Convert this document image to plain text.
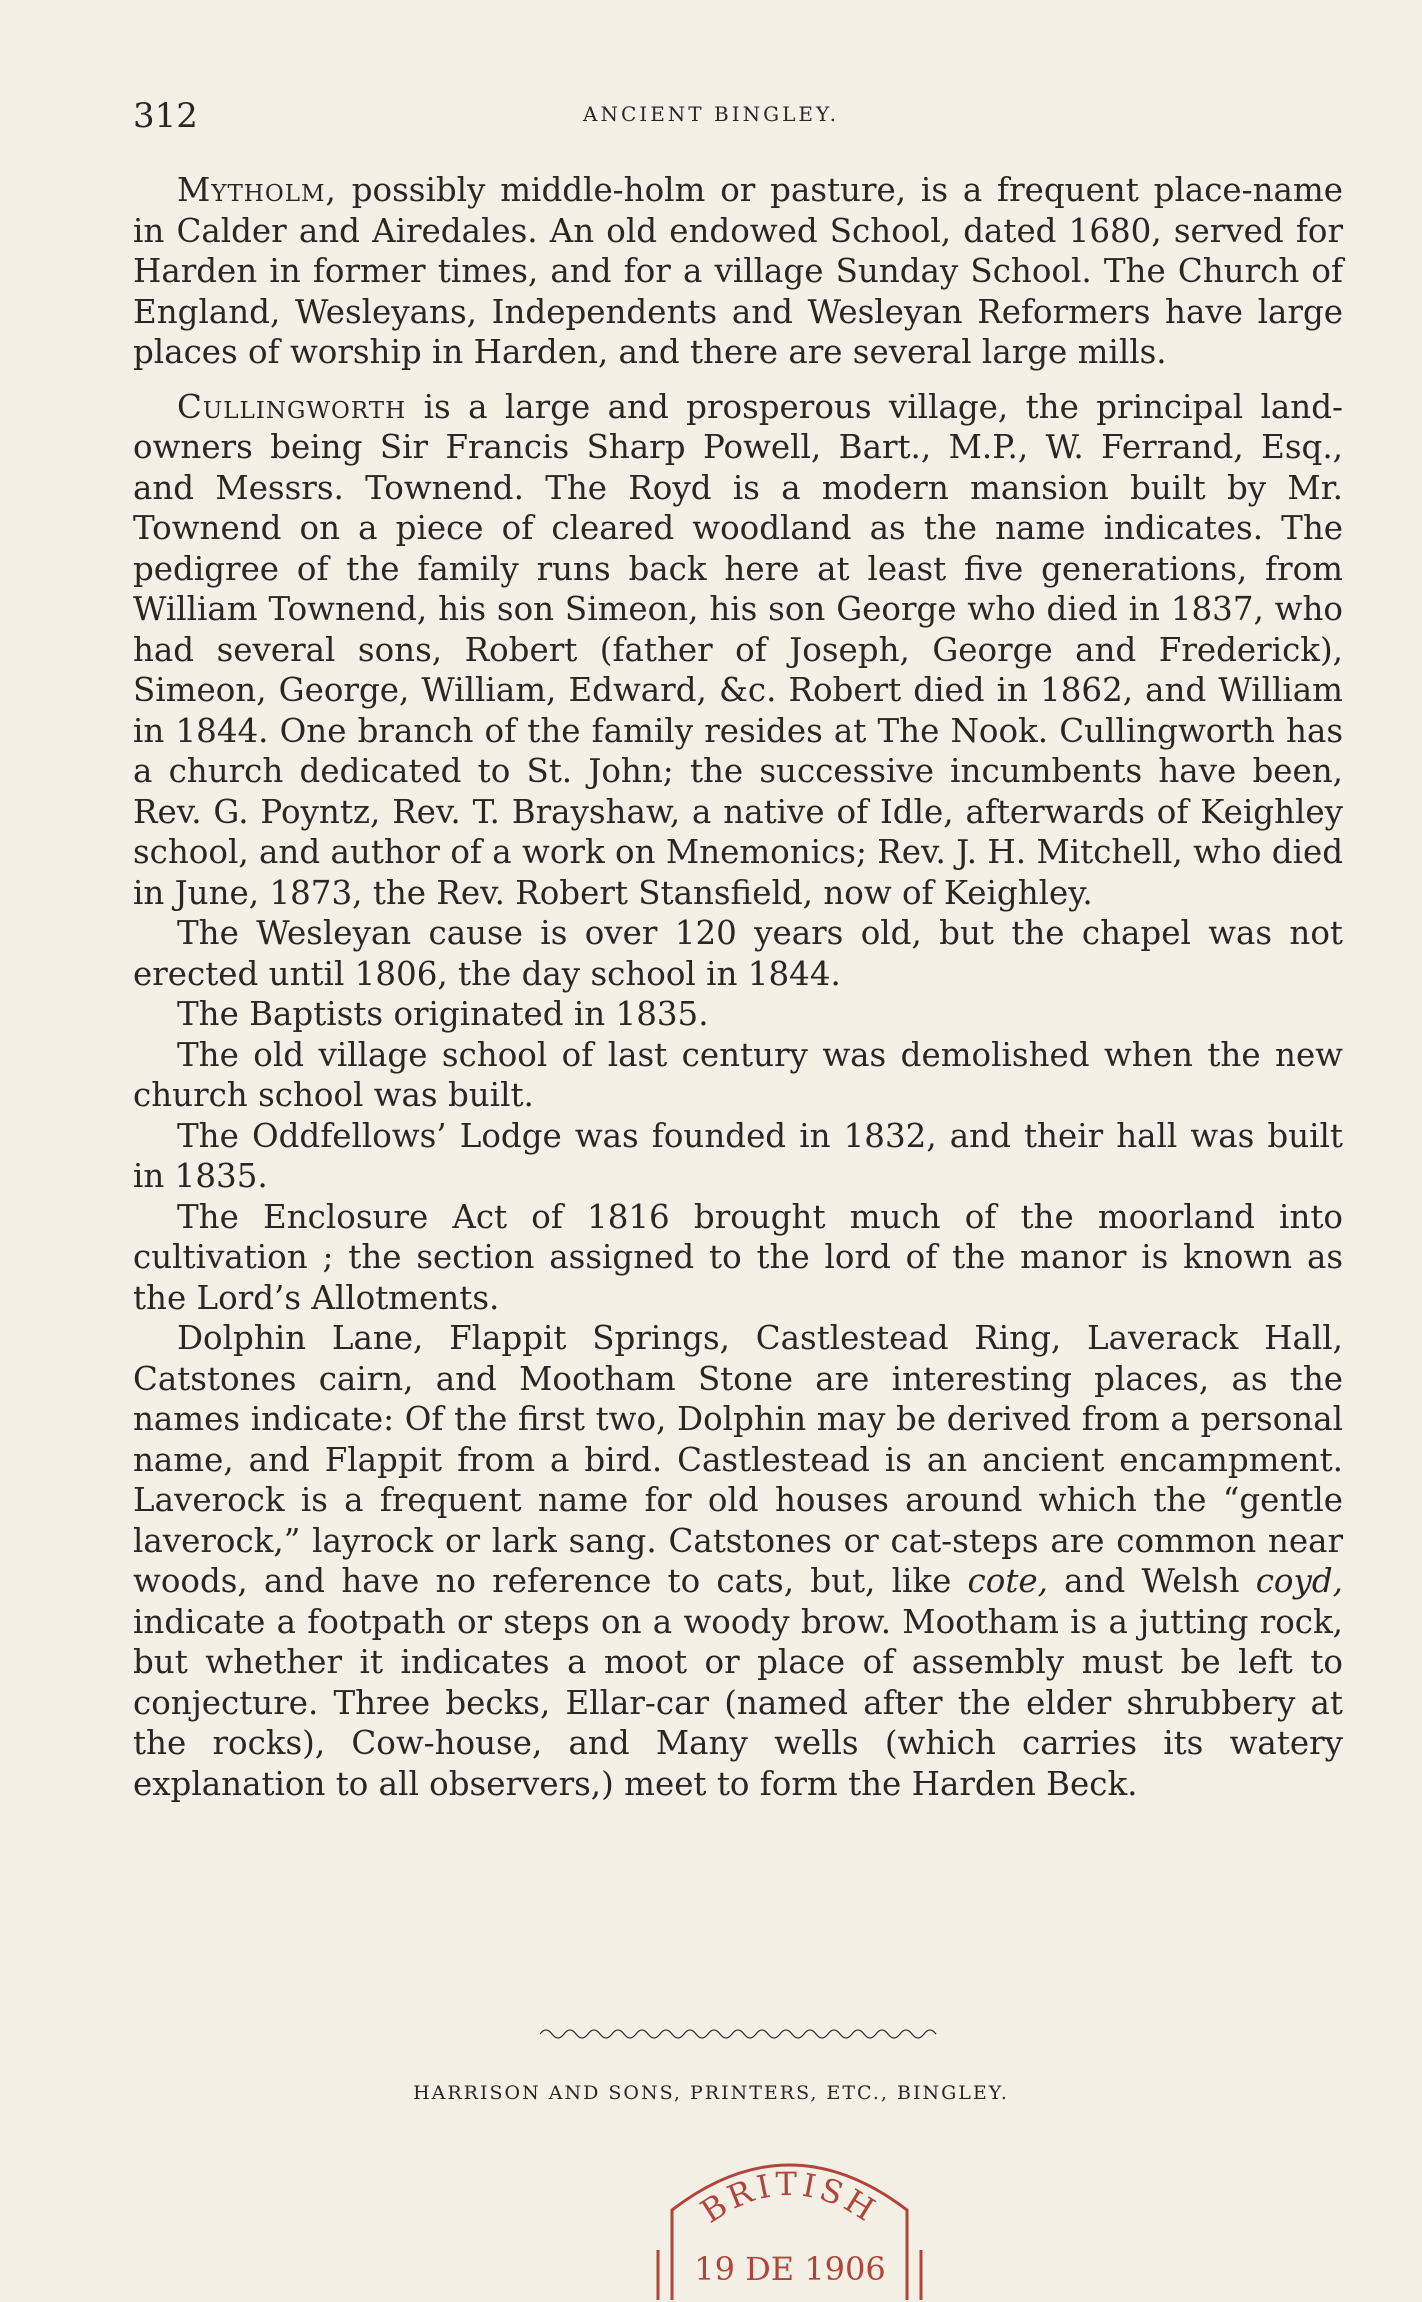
312	ANCIENT BINGLEY.

Mytholm, possibly middle-holm or pasture, is a frequent place-name in Calder and Airedales. An old endowed School, dated 1680, served for Harden in former times, and for a village Sunday School. The Church of England, Wesleyans, Independents and Wesleyan Reformers have large places of worship in Harden, and there are several large mills.

Cullingworth is a large and prosperous village, the principal land-owners being Sir Francis Sharp Powell, Bart., M.P., W. Ferrand, Esq., and Messrs. Townend. The Royd is a modern mansion built by Mr. Townend on a piece of cleared woodland as the name indicates. The pedigree of the family runs back here at least five generations, from William Townend, his son Simeon, his son George who died in 1837, who had several sons, Robert (father of Joseph, George and Frederick), Simeon, George, William, Edward, &c. Robert died in 1862, and William in 1844. One branch of the family resides at The Nook. Cullingworth has a church dedicated to St. John; the successive incumbents have been, Rev. G. Poyntz, Rev. T. Brayshaw, a native of Idle, afterwards of Keighley school, and author of a work on Mnemonics; Rev. J. H. Mitchell, who died in June, 1873, the Rev. Robert Stansfield, now of Keighley.

The Wesleyan cause is over 120 years old, but the chapel was not erected until 1806, the day school in 1844.

The Baptists originated in 1835.

The old village school of last century was demolished when the new church school was built.

The Oddfellows’ Lodge was founded in 1832, and their hall was built in 1835.

The Enclosure Act of 1816 brought much of the moorland into cultivation ; the section assigned to the lord of the manor is known as the Lord’s Allotments.

Dolphin Lane, Flappit Springs, Castlestead Ring, Laverack Hall, Catstones cairn, and Mootham Stone are interesting places, as the names indicate: Of the first two, Dolphin may be derived from a personal name, and Flappit from a bird. Castlestead is an ancient encampment. Laverock is a frequent name for old houses around which the “gentle laverock,” layrock or lark sang. Catstones or cat-steps are common near woods, and have no reference to cats, but, like cote, and Welsh coyd, indicate a footpath or steps on a woody brow. Mootham is a jutting rock, but whether it indicates a moot or place of assembly must be left to conjecture. Three becks, Ellar-car (named after the elder shrubbery at the rocks), Cow-house, and Many wells (which carries its watery explanation to all observers,) meet to form the Harden Beck.

HARRISON AND SONS, PRINTERS, ETC., BINGLEY.
BRITISH
19 DE 1906
